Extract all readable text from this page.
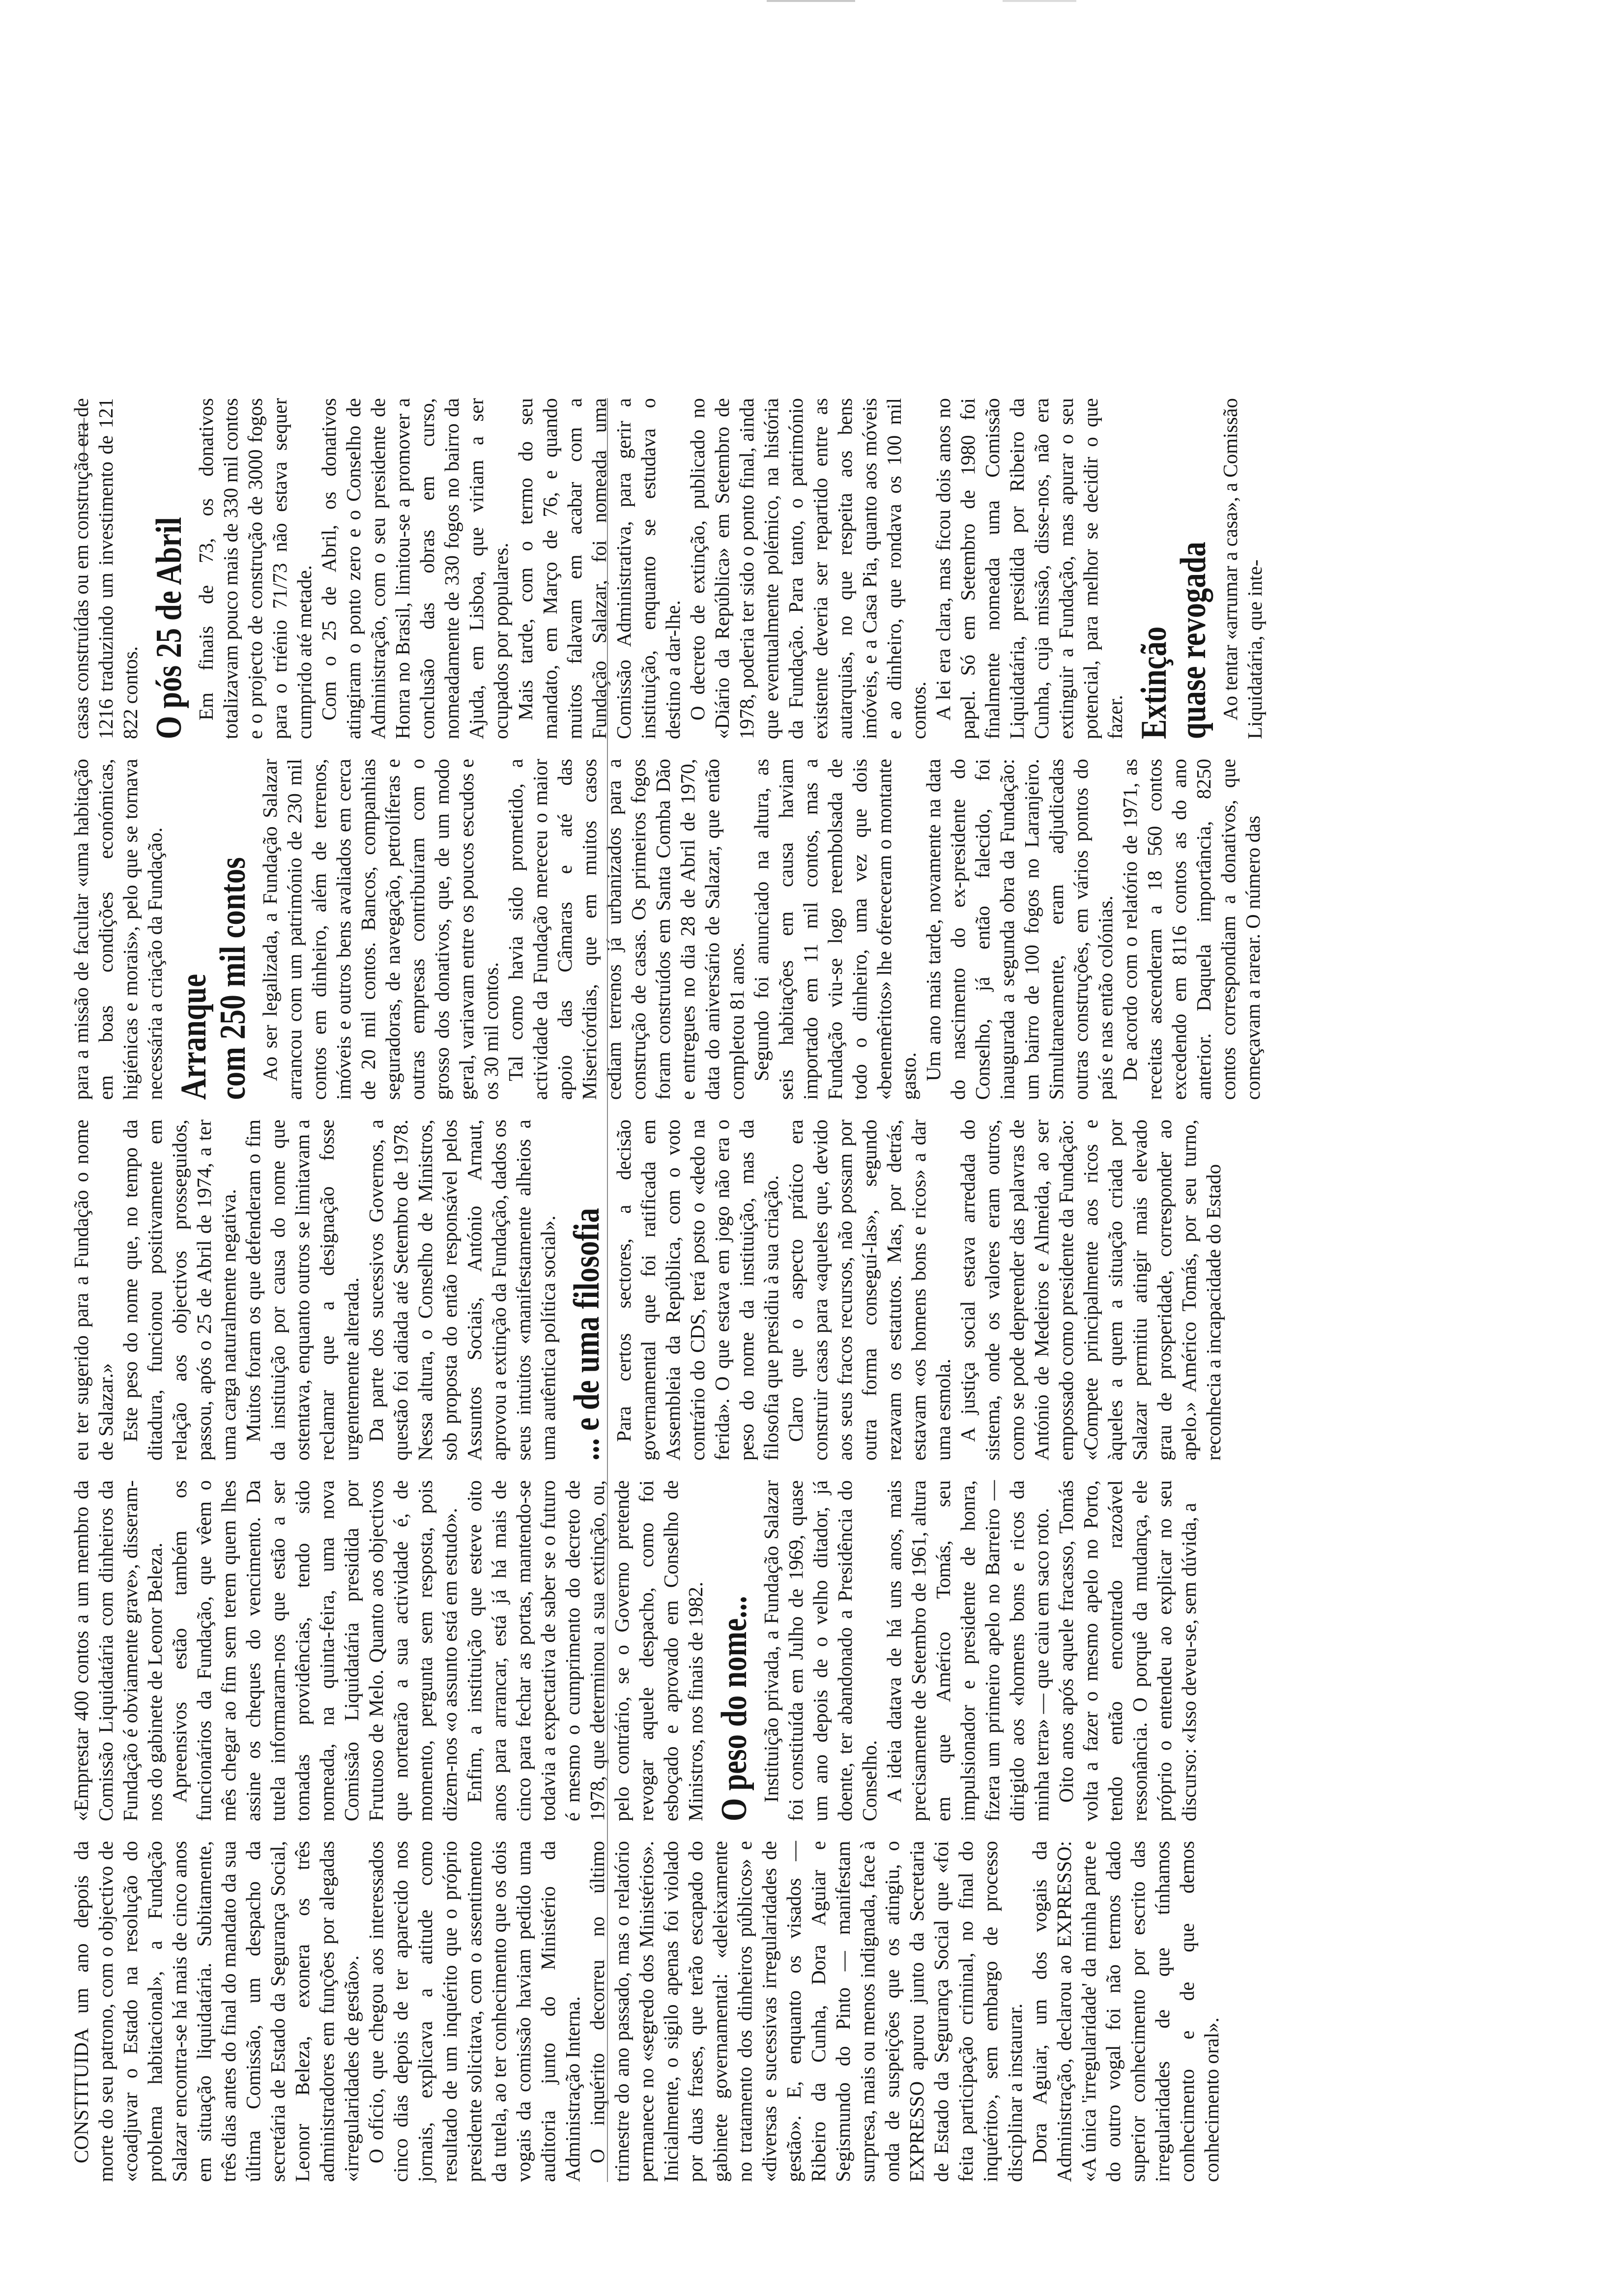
CONSTITUIDA um ano depois da morte do seu patrono, com o objectivo de «coadjuvar o Estado na resolução do problema habitacional», a Fundação Salazar encontra-se há mais de cinco anos em situação liquidatária. Subitamente, três dias antes do final do mandato da sua última Comissão, um despacho da secretária de Estado da Segurança Social, Leonor Beleza, exonera os três administradores em funções por alegadas «irregularidades de gestão». O ofício, que chegou aos interessados cinco dias depois de ter aparecido nos jornais, explicava a atitude como resultado de um inquérito que o próprio presidente solicitava, com o assentimento da tutela, ao ter conhecimento que os dois vogais da comissão haviam pedido uma auditoria junto do Ministério da Administração Interna. O inquérito decorreu no último trimestre do ano passado, mas o relatório permanece no «segredo dos Ministérios». Inicialmente, o sigilo apenas foi violado por duas frases, que terão escapado do gabinete governamental: «deleixamente no tratamento dos dinheiros públicos» e «diversas e sucessivas irregularidades de gestão». E, enquanto os visados — Ribeiro da Cunha, Dora Aguiar e Segismundo do Pinto — manifestam surpresa, mais ou menos indignada, face à onda de suspeições que os atingiu, o EXPRESSO apurou junto da Secretaria de Estado da Segurança Social que «foi feita participação criminal, no final do inquérito», sem embargo de processo disciplinar a instaurar. Dora Aguiar, um dos vogais da Administração, declarou ao EXPRESSO: «A única 'irregularidade' da minha parte e do outro vogal foi não termos dado superior conhecimento por escrito das irregularidades de que tínhamos conhecimento e de que demos conhecimento oral».

«Emprestar 400 contos a um membro da Comissão Liquidatária com dinheiros da Fundação é obviamente grave», disseram-nos do gabinete de Leonor Beleza. Apreensivos estão também os funcionários da Fundação, que vêem o mês chegar ao fim sem terem quem lhes assine os cheques do vencimento. Da tutela informaram-nos que estão a ser tomadas providências, tendo sido nomeada, na quinta-feira, uma nova Comissão Liquidatária presidida por Frutuoso de Melo. Quanto aos objectivos que nortearão a sua actividade é, de momento, pergunta sem resposta, pois dizem-nos «o assunto está em estudo». Enfim, a instituição que esteve oito anos para arrancar, está já há mais de cinco para fechar as portas, mantendo-se todavia a expectativa de saber se o futuro é mesmo o cumprimento do decreto de 1978, que determinou a sua extinção, ou, pelo contrário, se o Governo pretende revogar aquele despacho, como foi esboçado e aprovado em Conselho de Ministros, nos finais de 1982. O peso do nome... Instituição privada, a Fundação Salazar foi constituída em Julho de 1969, quase um ano depois de o velho ditador, já doente, ter abandonado a Presidência do Conselho. A ideia datava de há uns anos, mais precisamente de Setembro de 1961, altura em que Américo Tomás, seu impulsionador e presidente de honra, fizera um primeiro apelo no Barreiro — dirigido aos «homens bons e ricos da minha terra» — que caiu em saco roto. Oito anos após aquele fracasso, Tomás volta a fazer o mesmo apelo no Porto, tendo então encontrado razoável ressonância. O porquê da mudança, ele próprio o entendeu ao explicar no seu discurso: «Isso deveu-se, sem dúvida, a

eu ter sugerido para a Fundação o nome de Salazar.» Este peso do nome que, no tempo da ditadura, funcionou positivamente em relação aos objectivos prosseguidos, passou, após o 25 de Abril de 1974, a ter uma carga naturalmente negativa. Muitos foram os que defenderam o fim da instituição por causa do nome que ostentava, enquanto outros se limitavam a reclamar que a designação fosse urgentemente alterada. Da parte dos sucessivos Governos, a questão foi adiada até Setembro de 1978. Nessa altura, o Conselho de Ministros, sob proposta do então responsável pelos Assuntos Sociais, António Arnaut, aprovou a extinção da Fundação, dados os seus intuitos «manifestamente alheios a uma autêntica política social». ... e de uma filosofia Para certos sectores, a decisão governamental que foi ratificada em Assembleia da República, com o voto contrário do CDS, terá posto o «dedo na ferida». O que estava em jogo não era o peso do nome da instituição, mas da filosofia que presidiu à sua criação. Claro que o aspecto prático era construir casas para «aqueles que, devido aos seus fracos recursos, não possam por outra forma conseguí-las», segundo rezavam os estatutos. Mas, por detrás, estavam «os homens bons e ricos» a dar uma esmola. A justiça social estava arredada do sistema, onde os valores eram outros, como se pode depreender das palavras de António de Medeiros e Almeida, ao ser empossado como presidente da Fundação: «Compete principalmente aos ricos e àqueles a quem a situação criada por Salazar permitiu atingir mais elevado grau de prosperidade, corresponder ao apelo.» Américo Tomás, por seu turno, reconhecia a incapacidade do Estado

para a missão de facultar «uma habitação em boas condições económicas, higiénicas e morais», pelo que se tornava necessária a criação da Fundação. Arranque
com 250 mil contos Ao ser legalizada, a Fundação Salazar arrancou com um património de 230 mil contos em dinheiro, além de terrenos, imóveis e outros bens avaliados em cerca de 20 mil contos. Bancos, companhias seguradoras, de navegação, petrolíferas e outras empresas contribuíram com o grosso dos donativos, que, de um modo geral, variavam entre os poucos escudos e os 30 mil contos. Tal como havia sido prometido, a actividade da Fundação mereceu o maior apoio das Câmaras e até das Misericórdias, que em muitos casos cediam terrenos já urbanizados para a construção de casas. Os primeiros fogos foram construídos em Santa Comba Dão e entregues no dia 28 de Abril de 1970, data do aniversário de Salazar, que então completou 81 anos. Segundo foi anunciado na altura, as seis habitações em causa haviam importado em 11 mil contos, mas a Fundação viu-se logo reembolsada de todo o dinheiro, uma vez que dois «benemêritos» lhe ofereceram o montante gasto. Um ano mais tarde, novamente na data do nascimento do ex-presidente do Conselho, já então falecido, foi inaugurada a segunda obra da Fundação: um bairro de 100 fogos no Laranjeiro. Simultaneamente, eram adjudicadas outras construções, em vários pontos do país e nas então colónias. De acordo com o relatório de 1971, as receitas ascenderam a 18 560 contos excedendo em 8116 contos as do ano anterior. Daquela importância, 8250 contos correspondiam a donativos, que começavam a rarear. O número das

casas construídas ou em construção era de 1216 traduzindo um investimento de 121 822 contos. O pós 25 de Abril Em finais de 73, os donativos totalizavam pouco mais de 330 mil contos e o projecto de construção de 3000 fogos para o triénio 71/73 não estava sequer cumprido até metade. Com o 25 de Abril, os donativos atingiram o ponto zero e o Conselho de Administração, com o seu presidente de Honra no Brasil, limitou-se a promover a conclusão das obras em curso, nomeadamente de 330 fogos no bairro da Ajuda, em Lisboa, que viriam a ser ocupados por populares. Mais tarde, com o termo do seu mandato, em Março de 76, e quando muitos falavam em acabar com a Fundação Salazar, foi nomeada uma Comissão Administrativa, para gerir a instituição, enquanto se estudava o destino a dar-lhe. O decreto de extinção, publicado no «Diário da República» em Setembro de 1978, poderia ter sido o ponto final, ainda que eventualmente polémico, na história da Fundação. Para tanto, o património existente deveria ser repartido entre as autarquias, no que respeita aos bens imóveis, e a Casa Pia, quanto aos móveis e ao dinheiro, que rondava os 100 mil contos. A lei era clara, mas ficou dois anos no papel. Só em Setembro de 1980 foi finalmente nomeada uma Comissão Liquidatária, presidida por Ribeiro da Cunha, cuja missão, disse-nos, não era extinguir a Fundação, mas apurar o seu potencial, para melhor se decidir o que fazer. Extinção
quase revogada Ao tentar «arrumar a casa», a Comissão Liquidatária, que inte-
